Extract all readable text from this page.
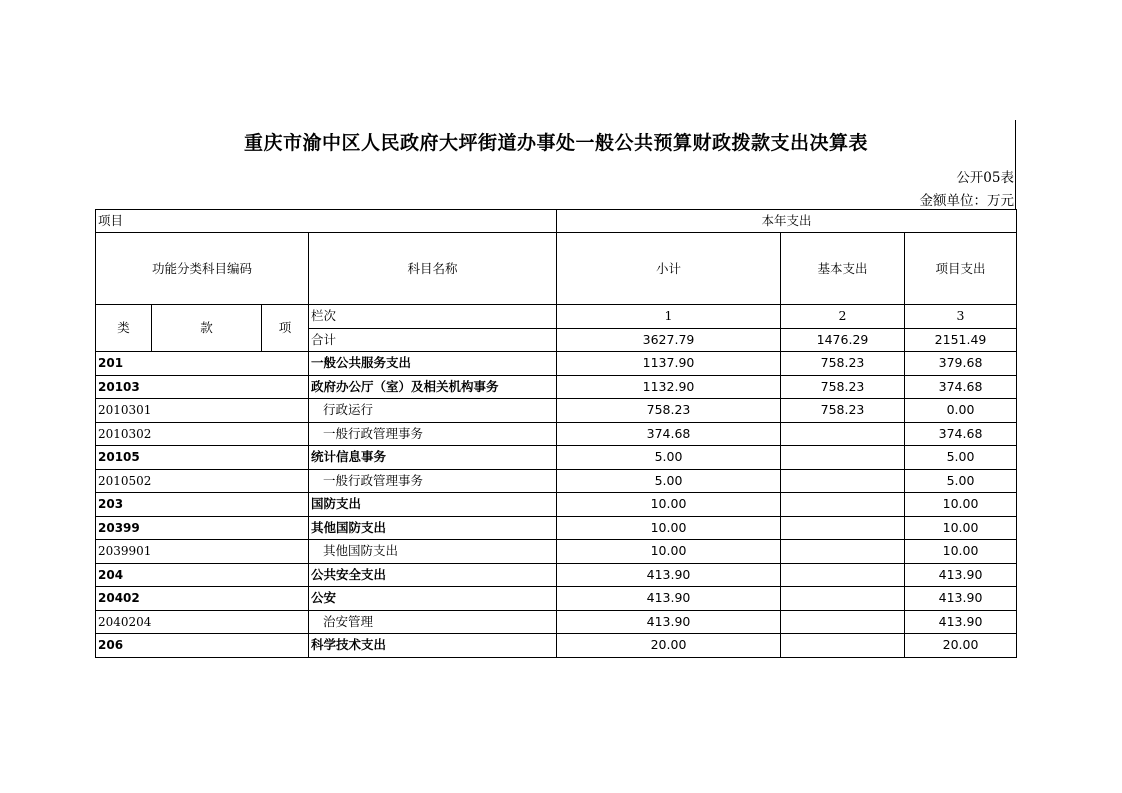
重庆市渝中区人民政府大坪街道办事处一般公共预算财政拨款支出决算表
公开05表
金额单位：万元
项目				本年支出		
功能分类科目编码			科目名称	小计	基本支出	项目支出
类	款	项	栏次	1	2	3
			合计	3627.79	1476.29	2151.49
201			一般公共服务支出	1137.90	758.23	379.68
20103			政府办公厅（室）及相关机构事务	1132.90	758.23	374.68
2010301			行政运行	758.23	758.23	0.00
2010302			一般行政管理事务	374.68		374.68
20105			统计信息事务	5.00		5.00
2010502			一般行政管理事务	5.00		5.00
203			国防支出	10.00		10.00
20399			其他国防支出	10.00		10.00
2039901			其他国防支出	10.00		10.00
204			公共安全支出	413.90		413.90
20402			公安	413.90		413.90
2040204			治安管理	413.90		413.90
206			科学技术支出	20.00		20.00
